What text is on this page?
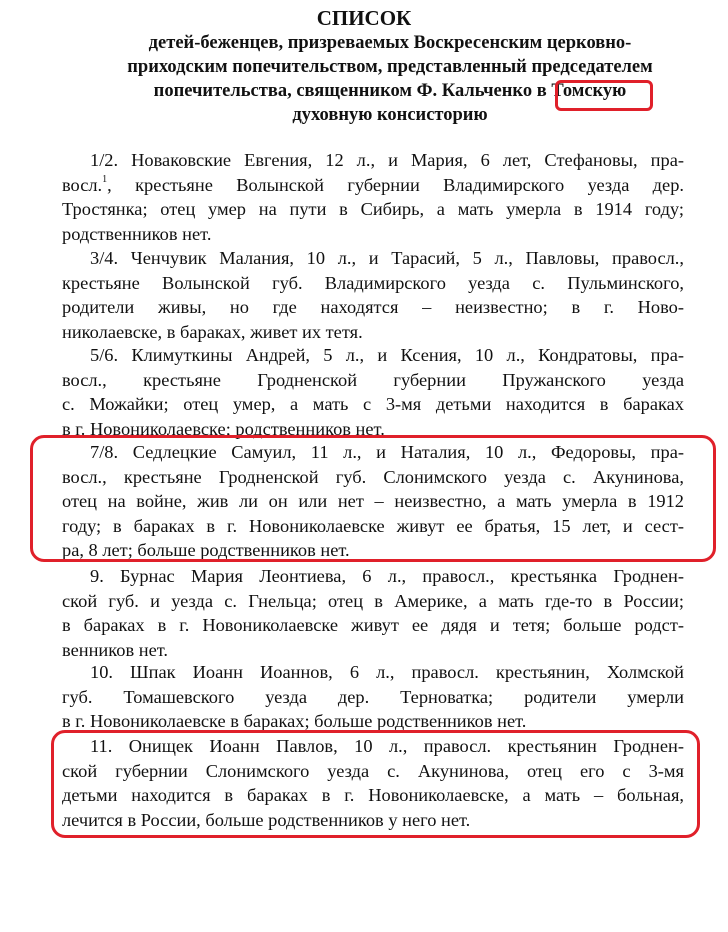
СПИСОК
детей-беженцев, призреваемых Воскресенским церковно-
приходским попечительством, представленный председателем
попечительства, священником Ф. Кальченко в Томскую
духовную консисторию
1/2. Новаковские Евгения, 12 л., и Мария, 6 лет, Стефановы, пра-
восл.$^1$, крестьяне Волынской губернии Владимирского уезда дер.
Тростянка; отец умер на пути в Сибирь, а мать умерла в 1914 году;
родственников нет.
3/4. Ченчувик Малания, 10 л., и Тарасий, 5 л., Павловы, правосл.,
крестьяне Волынской губ. Владимирского уезда с. Пульминского,
родители живы, но где находятся – неизвестно; в г. Ново-
николаевске, в бараках, живет их тетя.
5/6. Климуткины Андрей, 5 л., и Ксения, 10 л., Кондратовы, пра-
восл., крестьяне Гродненской губернии Пружанского уезда
с. Можайки; отец умер, а мать с 3-мя детьми находится в бараках
в г. Новониколаевске; родственников нет.
7/8. Седлецкие Самуил, 11 л., и Наталия, 10 л., Федоровы, пра-
восл., крестьяне Гродненской губ. Слонимского уезда с. Акунинова,
отец на войне, жив ли он или нет – неизвестно, а мать умерла в 1912
году; в бараках в г. Новониколаевске живут ее братья, 15 лет, и сест-
ра, 8 лет; больше родственников нет.
9. Бурнас Мария Леонтиева, 6 л., правосл., крестьянка Гроднен-
ской губ. и уезда с. Гнельца; отец в Америке, а мать где-то в России;
в бараках в г. Новониколаевске живут ее дядя и тетя; больше родст-
венников нет.
10. Шпак Иоанн Иоаннов, 6 л., правосл. крестьянин, Холмской
губ. Томашевского уезда дер. Терноватка; родители умерли
в г. Новониколаевске в бараках; больше родственников нет.
11. Онищек Иоанн Павлов, 10 л., правосл. крестьянин Гроднен-
ской губернии Слонимского уезда с. Акунинова, отец его с 3-мя
детьми находится в бараках в г. Новониколаевске, а мать – больная,
лечится в России, больше родственников у него нет.
